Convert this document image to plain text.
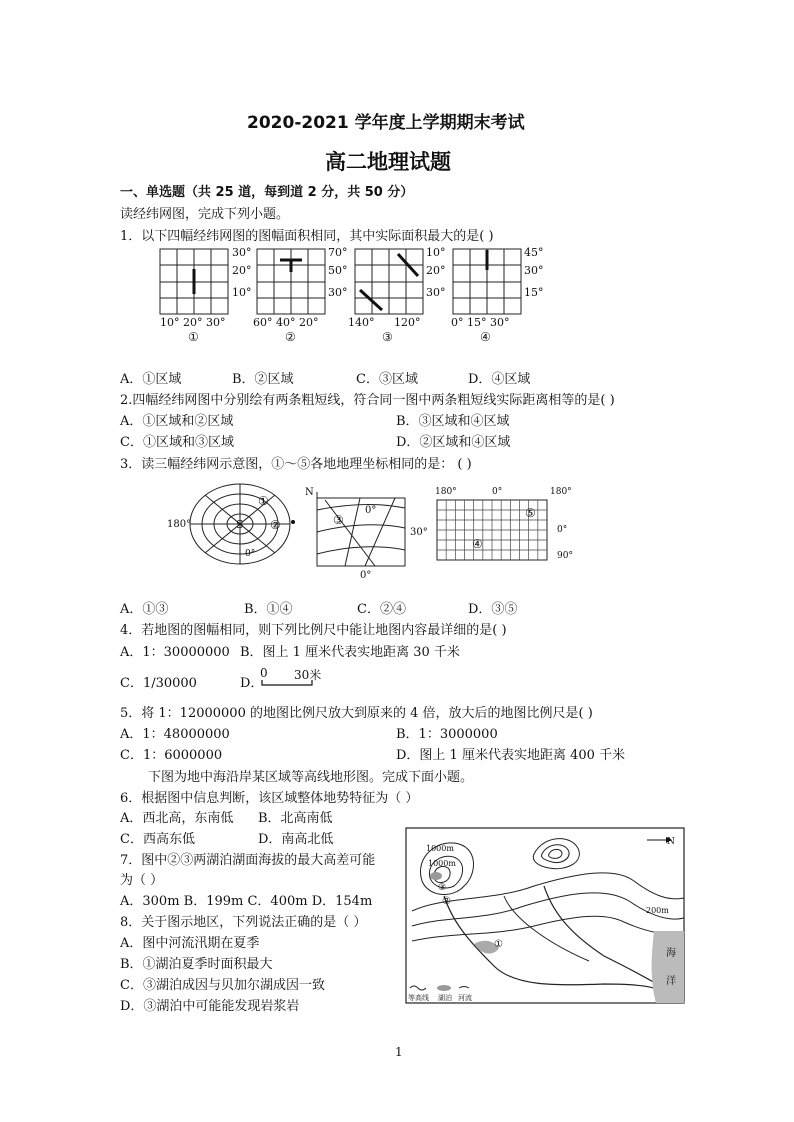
2020-2021 学年度上学期期末考试
高二地理试题
一、单选题（共 25 道，每到道 2 分，共 50 分）
读经纬网图，完成下列小题。
1．以下四幅经纬网图的图幅面积相同，其中实际面积最大的是( )
30°
20°
10°
10° 20° 30°
①
70°
50°
30°
60° 40° 20°
②
10°
20°
30°
140° 120°
③
45°
30°
15°
0° 15° 30°
④
A．①区域	B．②区域	C．③区域	D．④区域
2.四幅经纬网图中分别绘有两条粗短线，符合同一图中两条粗短线实际距离相等的是( )
A．①区域和②区域	B．③区域和④区域
C．①区域和③区域	D．②区域和④区域
3．读三幅经纬网示意图，①～⑤各地地理坐标相同的是： ( )
180°	S
0°
①
②
N
0°
30°
0°
③
180°	0°	180°
⑤
④
0°
90°
A．①③	B．①④	C．②④	D．③⑤
4．若地图的图幅相同，则下列比例尺中能让地图内容最详细的是( )
A．1：30000000 B．图上 1 厘米代表实地距离 30 千米
C．1/30000	D．
0 30米
5．将 1：12000000 的地图比例尺放大到原来的 4 倍，放大后的地图比例尺是( )
A．1：48000000	B．1：3000000
C．1：6000000	D．图上 1 厘米代表实地距离 400 千米
下图为地中海沿岸某区域等高线地形图。完成下面小题。
6．根据图中信息判断，该区域整体地势特征为（ ）
A．西北高，东南低 B．北高南低
C．西高东低	D．南高北低
7．图中②③两湖泊湖面海拔的最大高差可能
为（ ）
A．300m B．199m C．400m D．154m
8．关于图示地区，下列说法正确的是（ ）
A．图中河流汛期在夏季
B．①湖泊夏季时面积最大
C．③湖泊成因与贝加尔湖成因一致
D．③湖泊中可能能发现岩浆岩
N
1000m
1000m
200m
①
②
③
海
洋
等高线 湖泊 河流
1
